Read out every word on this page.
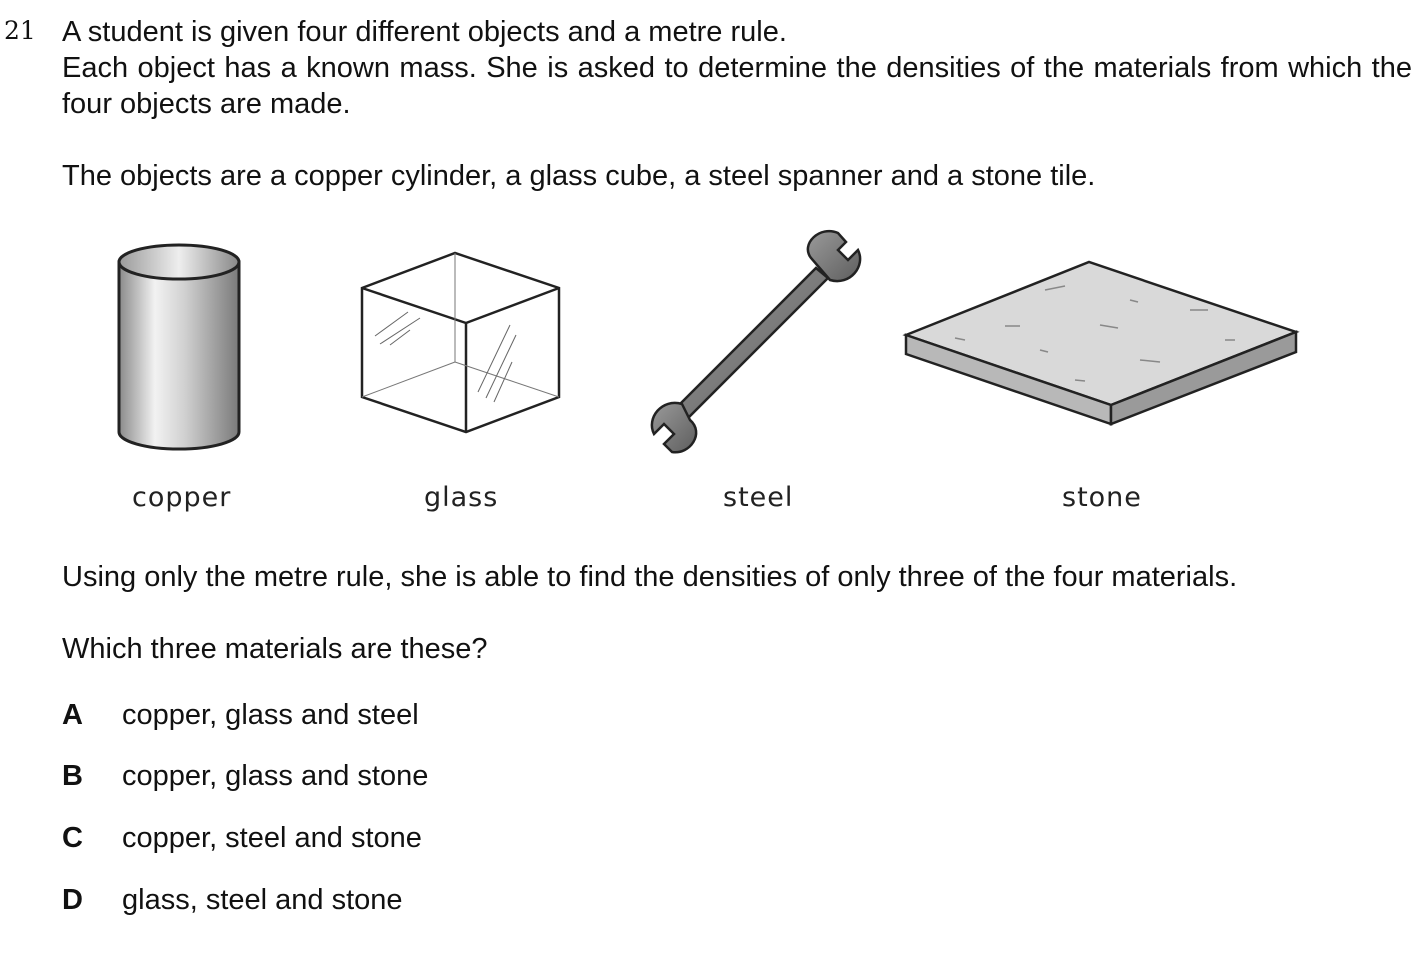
21 A student is given four different objects and a metre rule.
Each object has a known mass. She is asked to determine the densities of the materials from which the four objects are made.
The objects are a copper cylinder, a glass cube, a steel spanner and a stone tile.
copper	glass	steel	stone
Using only the metre rule, she is able to find the densities of only three of the four materials.
Which three materials are these?
A copper, glass and steel
B copper, glass and stone
C copper, steel and stone
D glass, steel and stone
